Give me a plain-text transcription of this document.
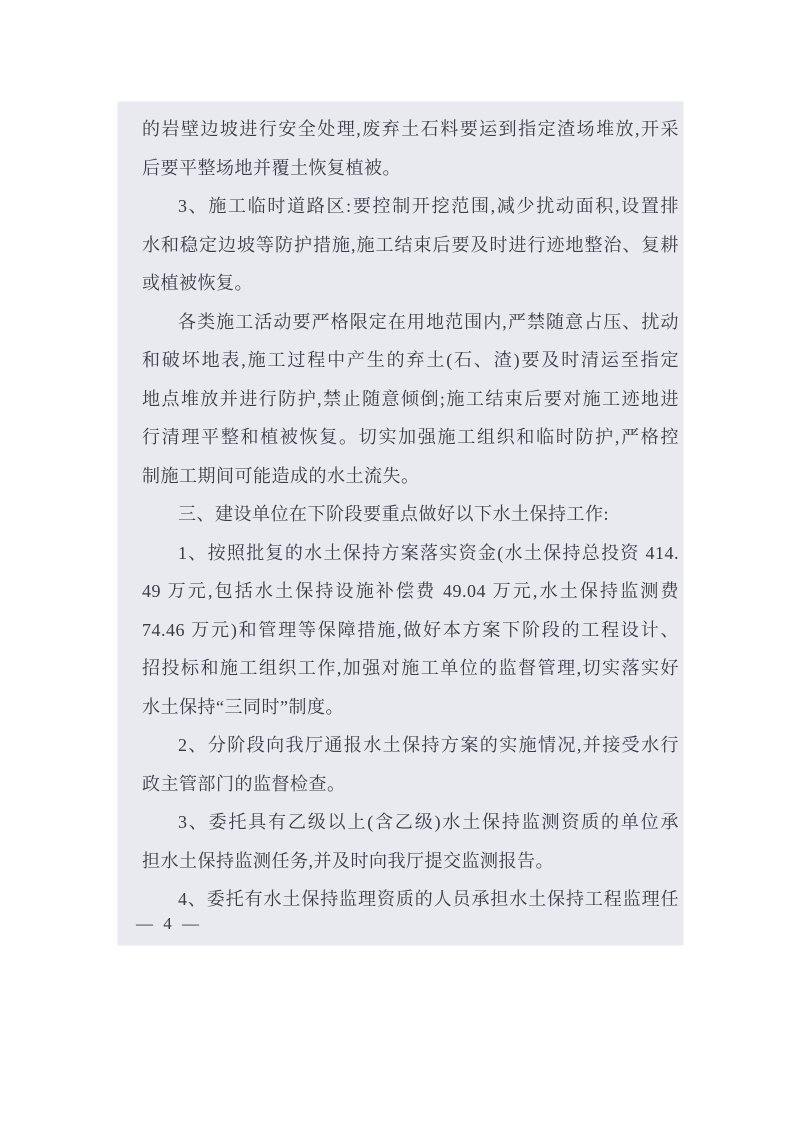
的岩壁边坡进行安全处理,废弃土石料要运到指定渣场堆放,开采
后要平整场地并覆土恢复植被。
3、施工临时道路区:要控制开挖范围,减少扰动面积,设置排
水和稳定边坡等防护措施,施工结束后要及时进行迹地整治、复耕
或植被恢复。
各类施工活动要严格限定在用地范围内,严禁随意占压、扰动
和破坏地表,施工过程中产生的弃土(石、渣)要及时清运至指定
地点堆放并进行防护,禁止随意倾倒;施工结束后要对施工迹地进
行清理平整和植被恢复。切实加强施工组织和临时防护,严格控
制施工期间可能造成的水土流失。
三、建设单位在下阶段要重点做好以下水土保持工作:
1、按照批复的水土保持方案落实资金(水土保持总投资 414.
49 万元,包括水土保持设施补偿费 49.04 万元,水土保持监测费
74.46 万元)和管理等保障措施,做好本方案下阶段的工程设计、
招投标和施工组织工作,加强对施工单位的监督管理,切实落实好
水土保持“三同时”制度。
2、分阶段向我厅通报水土保持方案的实施情况,并接受水行
政主管部门的监督检查。
3、委托具有乙级以上(含乙级)水土保持监测资质的单位承
担水土保持监测任务,并及时向我厅提交监测报告。
4、委托有水土保持监理资质的人员承担水土保持工程监理任
— 4 —
